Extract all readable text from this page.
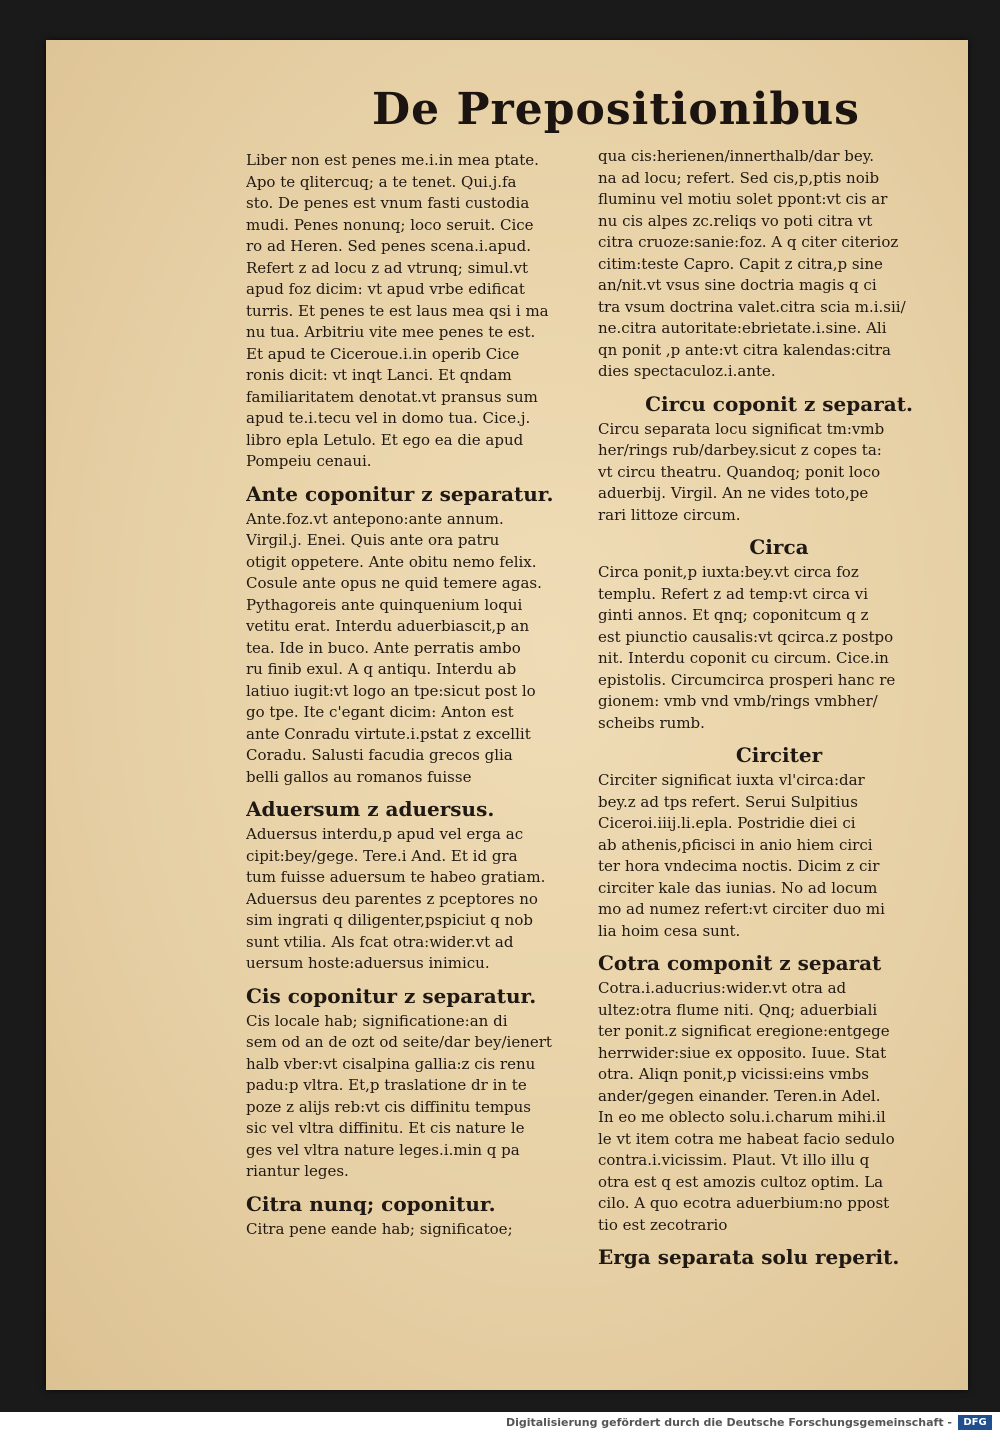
De Prepositionibus
Liber non est penes me.i.in mea ptate.
Apo te qlitercuq; a te tenet. Qui.j.fa
sto. De penes est vnum fasti custodia
mudi. Penes nonunq; loco seruit. Cice
ro ad Heren. Sed penes scena.i.apud.
Refert z ad locu z ad vtrunq; simul.vt
apud foz dicim: vt apud vrbe edificat
turris. Et penes te est laus mea qsi i ma
nu tua. Arbitriu vite mee penes te est.
Et apud te Ciceroue.i.in operib Cice
ronis dicit: vt inqt Lanci. Et qndam
familiaritatem denotat.vt pransus sum
apud te.i.tecu vel in domo tua. Cice.j.
libro epla Letulo. Et ego ea die apud
Pompeiu cenaui.
Ante coponitur z separatur.
Ante.foz.vt antepono:ante annum.
Virgil.j. Enei. Quis ante ora patru
otigit oppetere. Ante obitu nemo felix.
Cosule ante opus ne quid temere agas.
Pythagoreis ante quinquenium loqui
vetitu erat. Interdu aduerbiascit,p an
tea. Ide in buco. Ante perratis ambo
ru finib exul. A q antiqu. Interdu ab
latiuo iugit:vt logo an tpe:sicut post lo
go tpe. Ite c'egant dicim: Anton est
ante Conradu virtute.i.pstat z excellit
Coradu. Salusti facudia grecos glia
belli gallos au romanos fuisse
Aduersum z aduersus.
Aduersus interdu,p apud vel erga ac
cipit:bey/gege. Tere.i And. Et id gra
tum fuisse aduersum te habeo gratiam.
Aduersus deu parentes z pceptores no
sim ingrati q diligenter,pspiciut q nob
sunt vtilia. Als fcat otra:wider.vt ad
uersum hoste:aduersus inimicu.
Cis coponitur z separatur.
Cis locale hab; significatione:an di
sem od an de ozt od seite/dar bey/ienert
halb vber:vt cisalpina gallia:z cis renu
padu:p vltra. Et,p traslatione dr in te
poze z alijs reb:vt cis diffinitu tempus
sic vel vltra diffinitu. Et cis nature le
ges vel vltra nature leges.i.min q pa
riantur leges.
Citra nunq; coponitur.
Citra pene eande hab; significatoe;
qua cis:herienen/innerthalb/dar bey.
na ad locu; refert. Sed cis,p,ptis noib
fluminu vel motiu solet ppont:vt cis ar
nu cis alpes zc.reliqs vo poti citra vt
citra cruoze:sanie:foz. A q citer citerioz
citim:teste Capro. Capit z citra,p sine
an/nit.vt vsus sine doctria magis q ci
tra vsum doctrina valet.citra scia m.i.sii/
ne.citra autoritate:ebrietate.i.sine. Ali
qn ponit ,p ante:vt citra kalendas:citra
dies spectaculoz.i.ante.
Circu coponit z separat.
Circu separata locu significat tm:vmb
her/rings rub/darbey.sicut z copes ta:
vt circu theatru. Quandoq; ponit loco
aduerbij. Virgil. An ne vides toto,pe
rari littoze circum.
Circa
Circa ponit,p iuxta:bey.vt circa foz
templu. Refert z ad temp:vt circa vi
ginti annos. Et qnq; coponitcum q z
est piunctio causalis:vt qcirca.z postpo
nit. Interdu coponit cu circum. Cice.in
epistolis. Circumcirca prosperi hanc re
gionem: vmb vnd vmb/rings vmbher/
scheibs rumb.
Circiter
Circiter significat iuxta vl'circa:dar
bey.z ad tps refert. Serui Sulpitius
Ciceroi.iiij.li.epla. Postridie diei ci
ab athenis,pficisci in anio hiem circi
ter hora vndecima noctis. Dicim z cir
circiter kale das iunias. No ad locum
mo ad numez refert:vt circiter duo mi
lia hoim cesa sunt.
Cotra componit z separat
Cotra.i.aducrius:wider.vt otra ad
ultez:otra flume niti. Qnq; aduerbiali
ter ponit.z significat eregione:entgege
herrwider:siue ex opposito. Iuue. Stat
otra. Aliqn ponit,p vicissi:eins vmbs
ander/gegen einander. Teren.in Adel.
In eo me oblecto solu.i.charum mihi.il
le vt item cotra me habeat facio sedulo
contra.i.vicissim. Plaut. Vt illo illu q
otra est q est amozis cultoz optim. La
cilo. A quo ecotra aduerbium:no ppost
tio est zecotrario
Erga separata solu reperit.
Digitalisierung gefördert durch die Deutsche Forschungsgemeinschaft -	DFG
